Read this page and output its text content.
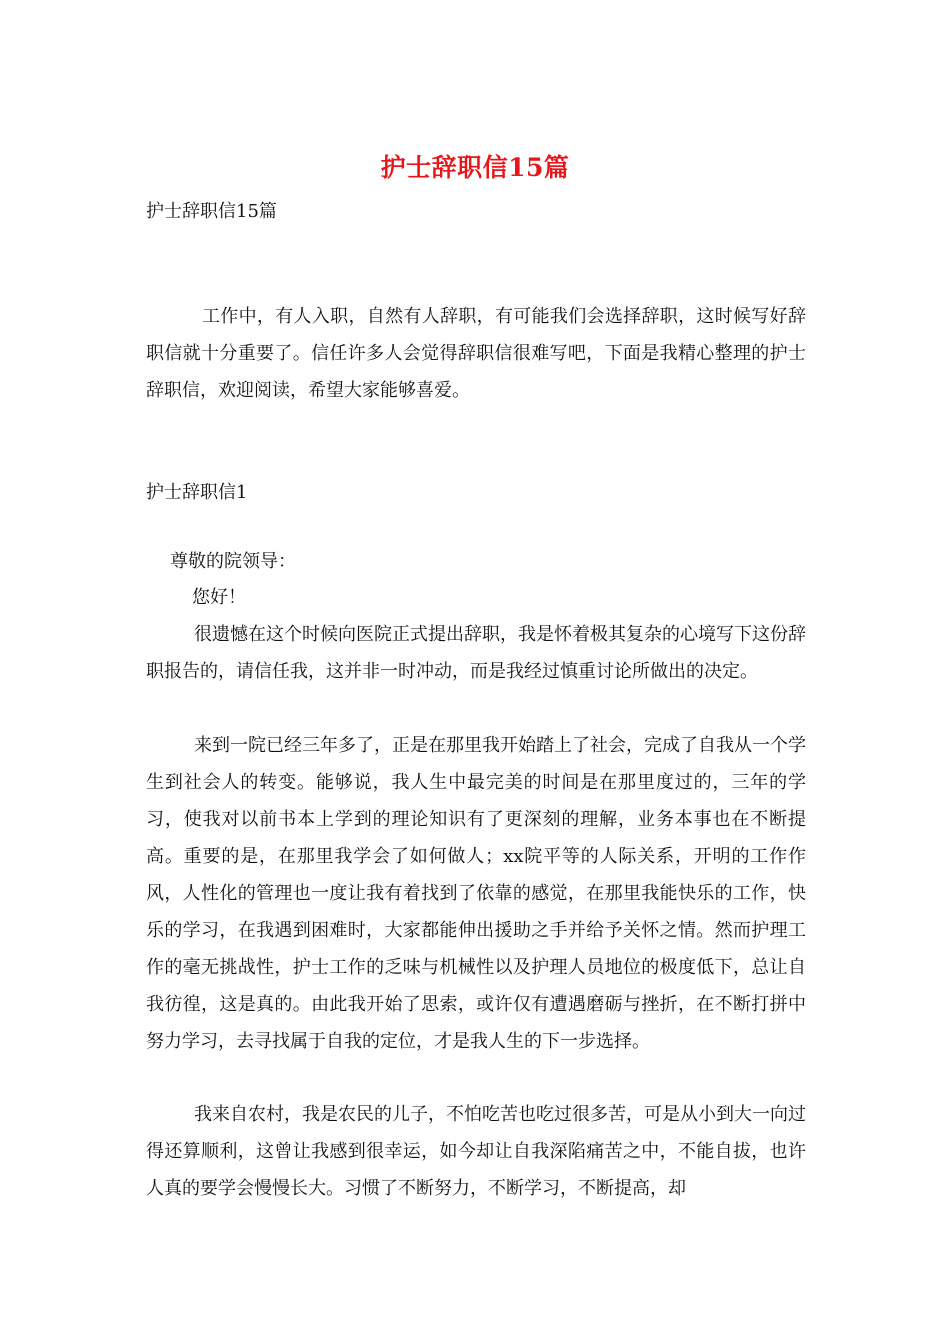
护士辞职信15篇
护士辞职信15篇
工作中，有人入职，自然有人辞职，有可能我们会选择辞职，这时候写好辞职信就十分重要了。信任许多人会觉得辞职信很难写吧，下面是我精心整理的护士辞职信，欢迎阅读，希望大家能够喜爱。
护士辞职信1
尊敬的院领导：
您好！
很遗憾在这个时候向医院正式提出辞职，我是怀着极其复杂的心境写下这份辞职报告的，请信任我，这并非一时冲动，而是我经过慎重讨论所做出的决定。
来到一院已经三年多了，正是在那里我开始踏上了社会，完成了自我从一个学生到社会人的转变。能够说，我人生中最完美的时间是在那里度过的，三年的学习，使我对以前书本上学到的理论知识有了更深刻的理解，业务本事也在不断提高。重要的是，在那里我学会了如何做人；xx院平等的人际关系，开明的工作作风，人性化的管理也一度让我有着找到了依靠的感觉，在那里我能快乐的工作，快乐的学习，在我遇到困难时，大家都能伸出援助之手并给予关怀之情。然而护理工作的毫无挑战性，护士工作的乏味与机械性以及护理人员地位的极度低下，总让自我彷徨，这是真的。由此我开始了思索，或许仅有遭遇磨砺与挫折，在不断打拼中努力学习，去寻找属于自我的定位，才是我人生的下一步选择。
我来自农村，我是农民的儿子，不怕吃苦也吃过很多苦，可是从小到大一向过得还算顺利，这曾让我感到很幸运，如今却让自我深陷痛苦之中，不能自拔，也许人真的要学会慢慢长大。习惯了不断努力，不断学习，不断提高，却
